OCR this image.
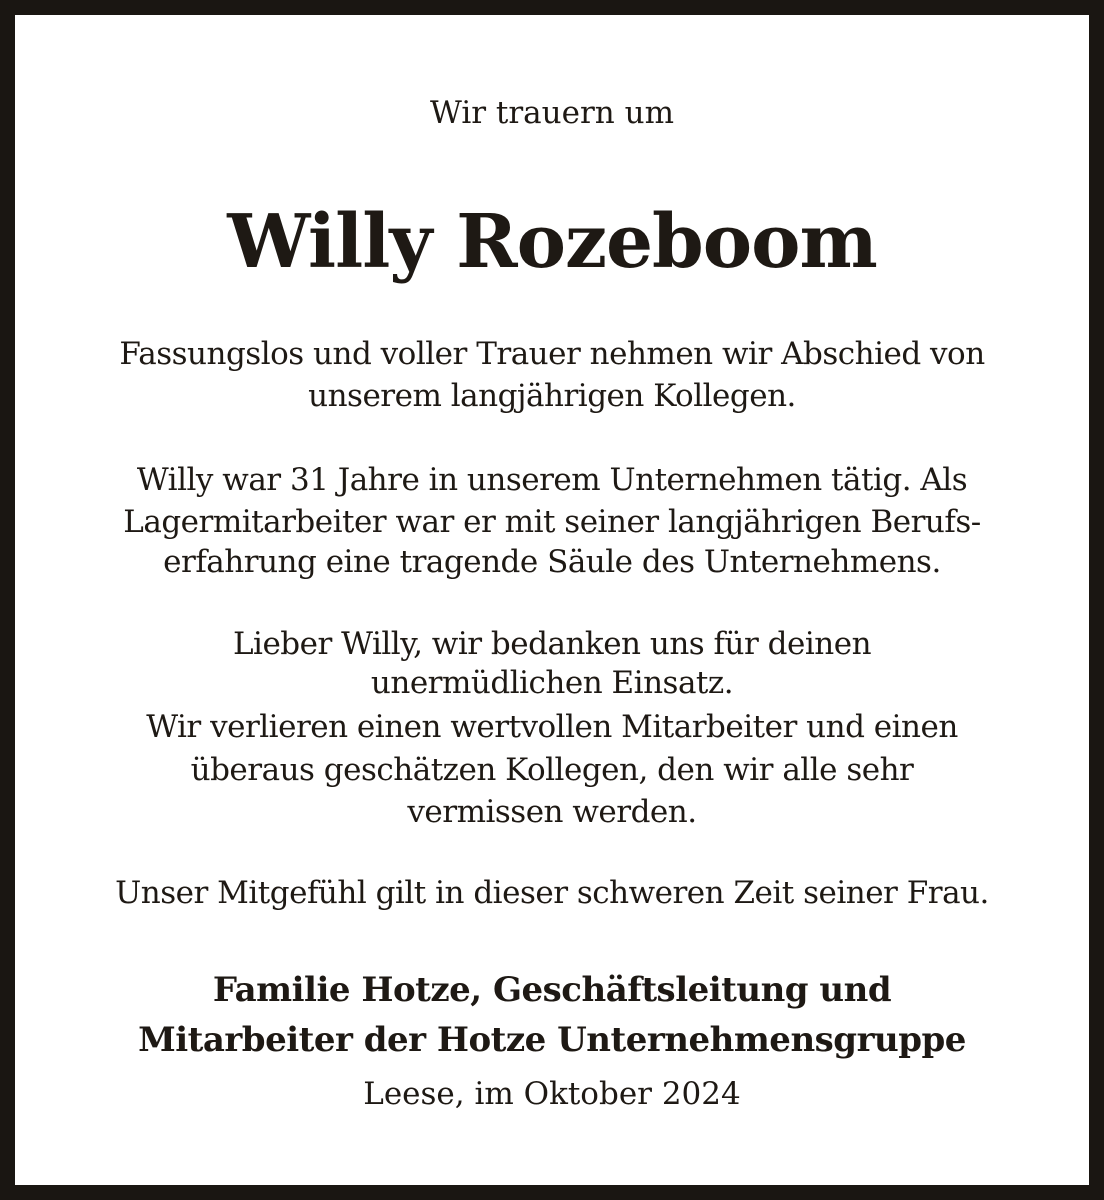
Wir trauern um

Willy Rozeboom

Fassungslos und voller Trauer nehmen wir Abschied von

unserem langjährigen Kollegen.

Willy war 31 Jahre in unserem Unternehmen tätig. Als

Lagermitarbeiter war er mit seiner langjährigen Berufs-

erfahrung eine tragende Säule des Unternehmens.

Lieber Willy, wir bedanken uns für deinen

unermüdlichen Einsatz.

Wir verlieren einen wertvollen Mitarbeiter und einen

überaus geschätzen Kollegen, den wir alle sehr

vermissen werden.

Unser Mitgefühl gilt in dieser schweren Zeit seiner Frau.

Familie Hotze, Geschäftsleitung und

Mitarbeiter der Hotze Unternehmensgruppe

Leese, im Oktober 2024
